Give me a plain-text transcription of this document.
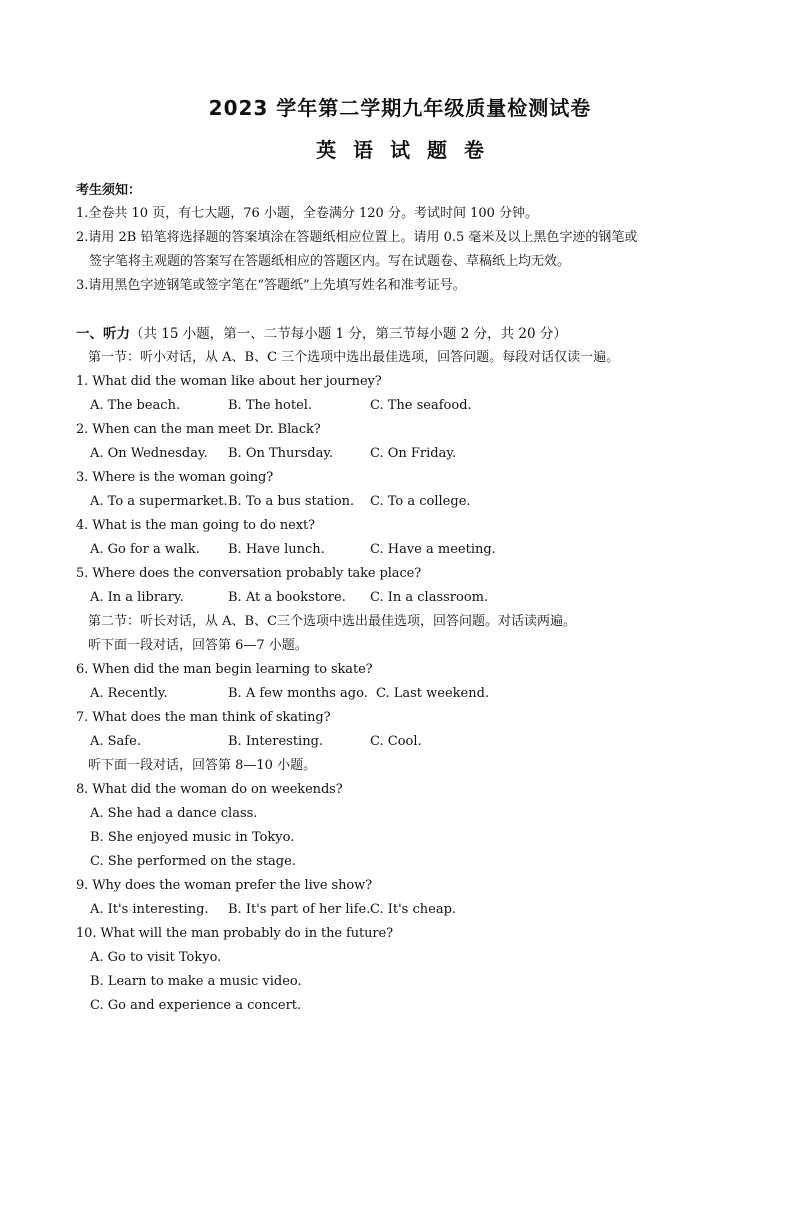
2023 学年第二学期九年级质量检测试卷
英 语 试 题 卷
考生须知：
1.全卷共 10 页，有七大题，76 小题，全卷满分 120 分。考试时间 100 分钟。
2.请用 2B 铅笔将选择题的答案填涂在答题纸相应位置上。请用 0.5 毫米及以上黑色字迹的钢笔或
签字笔将主观题的答案写在答题纸相应的答题区内。写在试题卷、草稿纸上均无效。
3.请用黑色字迹钢笔或签字笔在“答题纸”上先填写姓名和准考证号。
一、听力（共 15 小题，第一、二节每小题 1 分，第三节每小题 2 分，共 20 分）
第一节：听小对话，从 A、B、C 三个选项中选出最佳选项，回答问题。每段对话仅读一遍。
1. What did the woman like about her journey?
A. The beach.	B. The hotel.	C. The seafood.
2. When can the man meet Dr. Black?
A. On Wednesday.	B. On Thursday.	C. On Friday.
3. Where is the woman going?
A. To a supermarket. B. To a bus station.	C. To a college.
4. What is the man going to do next?
A. Go for a walk.	B. Have lunch.	C. Have a meeting.
5. Where does the conversation probably take place?
A. In a library.	B. At a bookstore.	C. In a classroom.
第二节：听长对话，从 A、B、C三个选项中选出最佳选项，回答问题。对话读两遍。
听下面一段对话，回答第 6—7 小题。
6. When did the man begin learning to skate?
A. Recently.	B. A few months ago. C. Last weekend.
7. What does the man think of skating?
A. Safe.	B. Interesting.	C. Cool.
听下面一段对话，回答第 8—10 小题。
8. What did the woman do on weekends?
A. She had a dance class.
B. She enjoyed music in Tokyo.
C. She performed on the stage.
9. Why does the woman prefer the live show?
A. It's interesting.	B. It's part of her life. C. It's cheap.
10. What will the man probably do in the future?
A. Go to visit Tokyo.
B. Learn to make a music video.
C. Go and experience a concert.
